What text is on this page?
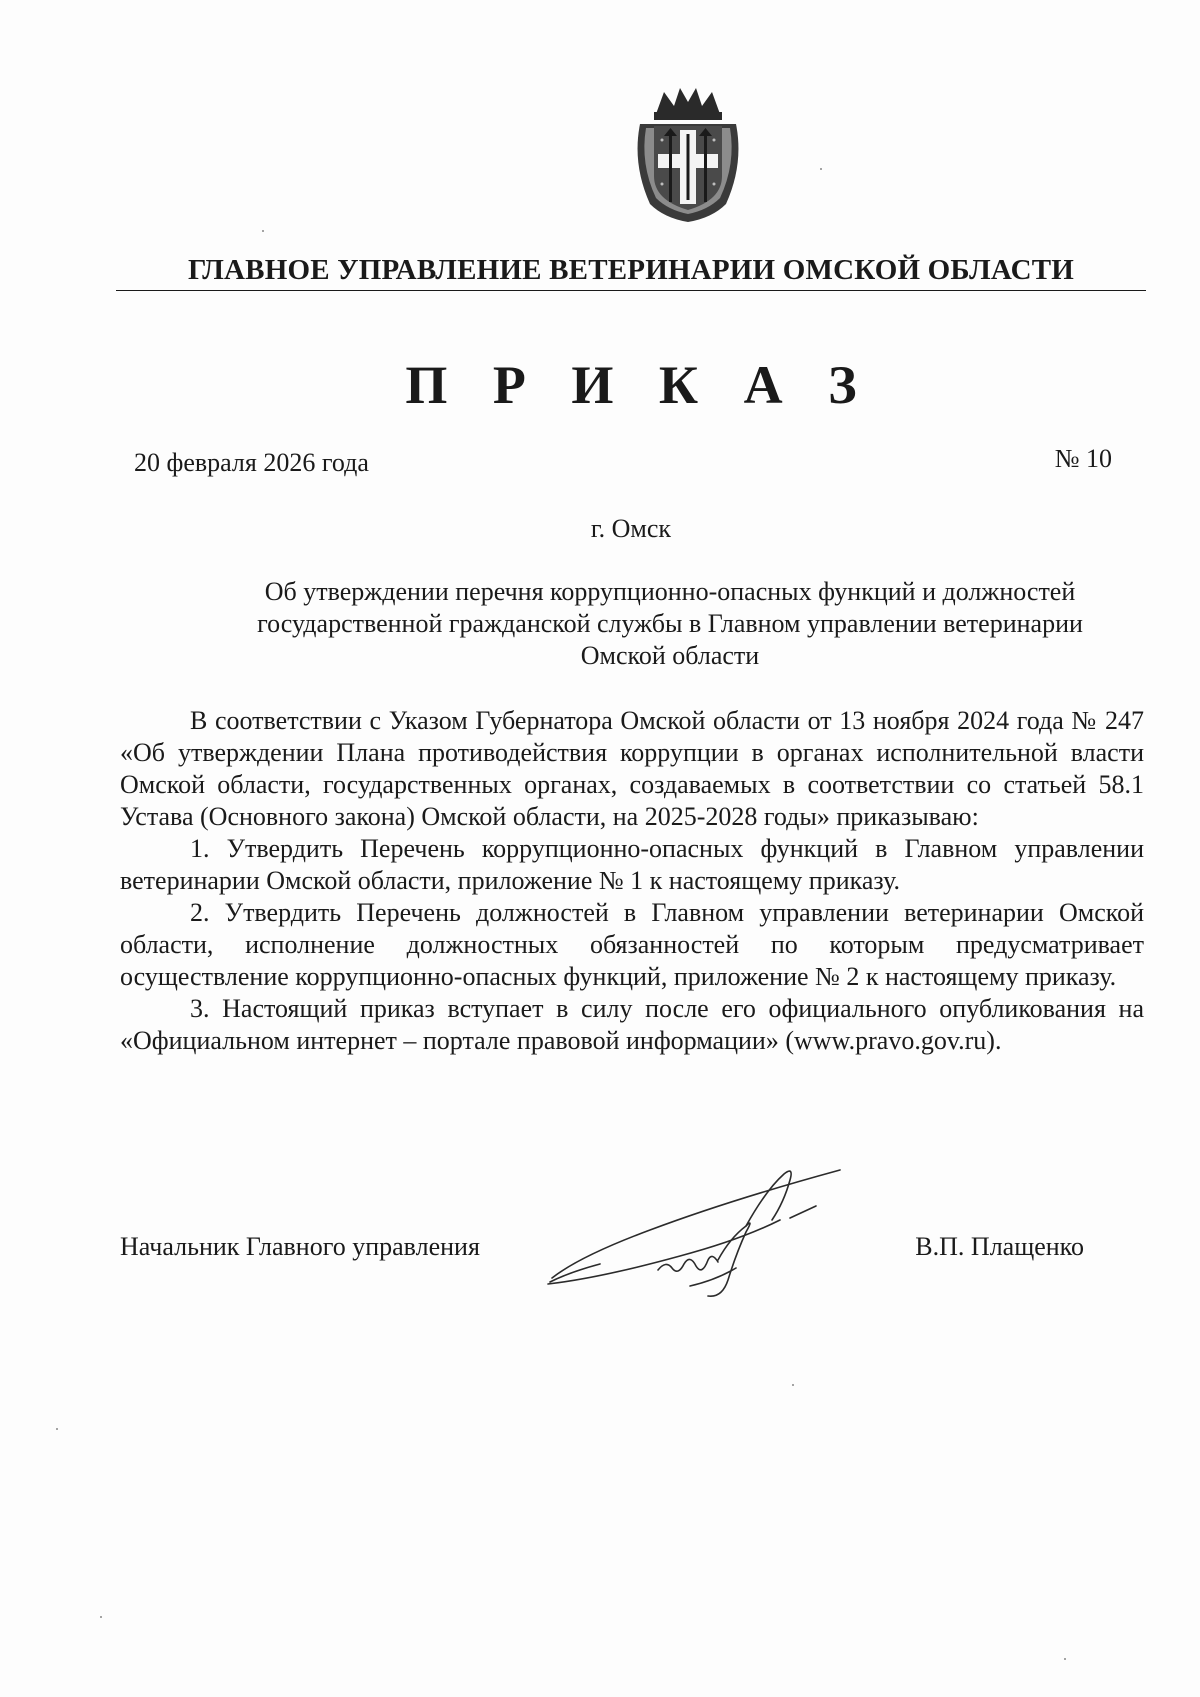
ГЛАВНОЕ УПРАВЛЕНИЕ ВЕТЕРИНАРИИ ОМСКОЙ ОБЛАСТИ
П Р И К А З
20 февраля 2026 года	№ 10
г. Омск
Об утверждении перечня коррупционно-опасных функций и должностей
государственной гражданской службы в Главном управлении ветеринарии
Омской области

В соответствии с Указом Губернатора Омской области от 13 ноября 2024 года № 247 «Об утверждении Плана противодействия коррупции в органах исполнительной власти Омской области, государственных органах, создаваемых в соответствии со статьей 58.1 Устава (Основного закона) Омской области, на 2025-2028 годы» приказываю:

1. Утвердить Перечень коррупционно-опасных функций в Главном управлении ветеринарии Омской области, приложение № 1 к настоящему приказу.

2. Утвердить Перечень должностей в Главном управлении ветеринарии Омской области, исполнение должностных обязанностей по которым предусматривает осуществление коррупционно-опасных функций, приложение № 2 к настоящему приказу.

3. Настоящий приказ вступает в силу после его официального опубликования на «Официальном интернет – портале правовой информации» (www.pravo.gov.ru).

Начальник Главного управления	В.П. Плащенко
